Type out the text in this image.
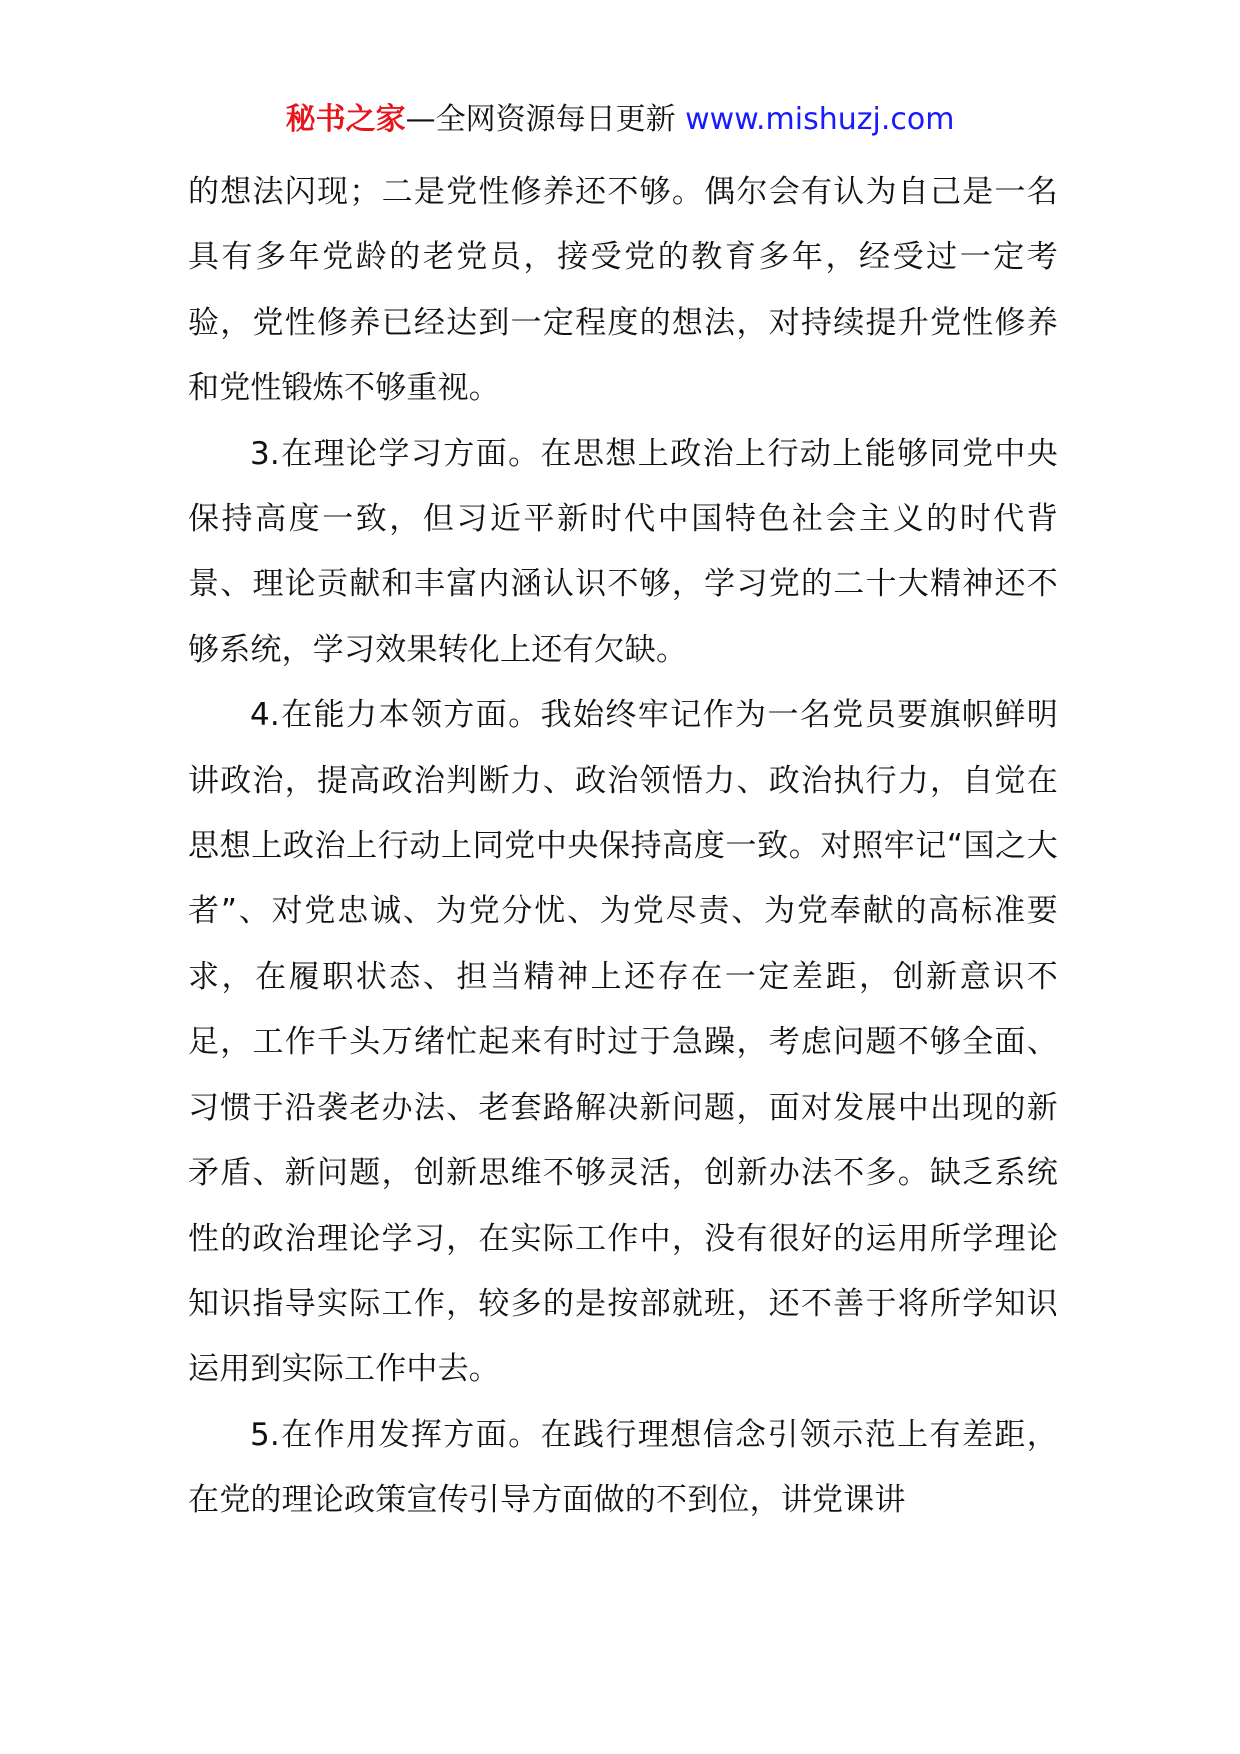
秘书之家—全网资源每日更新 www.mishuzj.com

的想法闪现；二是党性修养还不够。偶尔会有认为自己是一名具有多年党龄的老党员，接受党的教育多年，经受过一定考验，党性修养已经达到一定程度的想法，对持续提升党性修养和党性锻炼不够重视。

3.在理论学习方面。在思想上政治上行动上能够同党中央保持高度一致，但习近平新时代中国特色社会主义的时代背景、理论贡献和丰富内涵认识不够，学习党的二十大精神还不够系统，学习效果转化上还有欠缺。

4.在能力本领方面。我始终牢记作为一名党员要旗帜鲜明讲政治，提高政治判断力、政治领悟力、政治执行力，自觉在思想上政治上行动上同党中央保持高度一致。对照牢记“国之大者”、对党忠诚、为党分忧、为党尽责、为党奉献的高标准要求，在履职状态、担当精神上还存在一定差距，创新意识不足，工作千头万绪忙起来有时过于急躁，考虑问题不够全面、习惯于沿袭老办法、老套路解决新问题，面对发展中出现的新矛盾、新问题，创新思维不够灵活，创新办法不多。缺乏系统性的政治理论学习，在实际工作中，没有很好的运用所学理论知识指导实际工作，较多的是按部就班，还不善于将所学知识运用到实际工作中去。

5.在作用发挥方面。在践行理想信念引领示范上有差距，在党的理论政策宣传引导方面做的不到位，讲党课讲
